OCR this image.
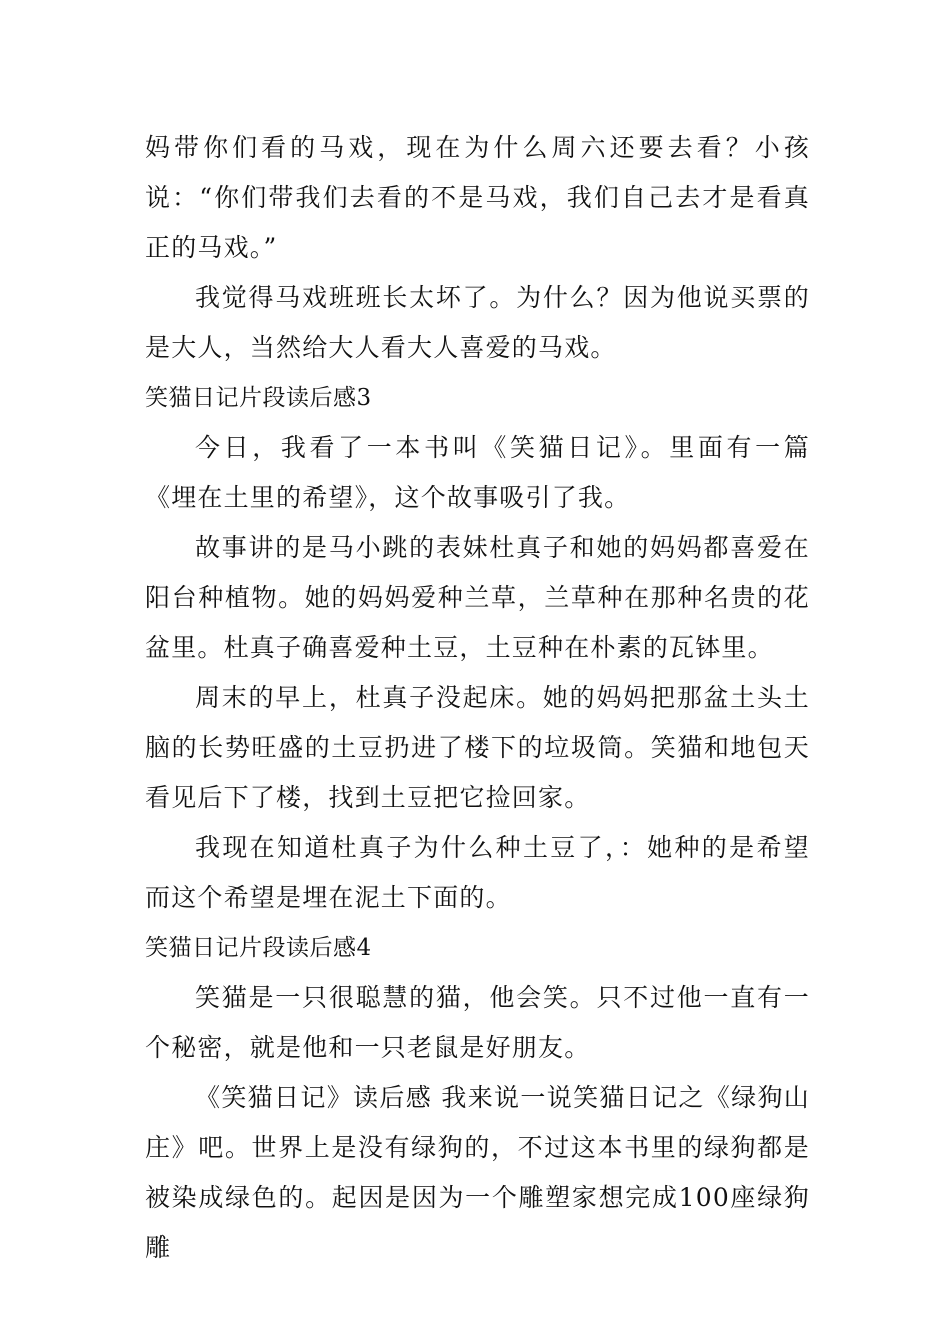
妈带你们看的马戏，现在为什么周六还要去看？小孩说：“你们带我们去看的不是马戏，我们自己去才是看真正的马戏。”

我觉得马戏班班长太坏了。为什么？因为他说买票的是大人，当然给大人看大人喜爱的马戏。

笑猫日记片段读后感3

今日，我看了一本书叫《笑猫日记》。里面有一篇《埋在土里的希望》，这个故事吸引了我。

故事讲的是马小跳的表妹杜真子和她的妈妈都喜爱在阳台种植物。她的妈妈爱种兰草，兰草种在那种名贵的花盆里。杜真子确喜爱种土豆，土豆种在朴素的瓦钵里。

周末的早上，杜真子没起床。她的妈妈把那盆土头土脑的长势旺盛的土豆扔进了楼下的垃圾筒。笑猫和地包天看见后下了楼，找到土豆把它捡回家。

我现在知道杜真子为什么种土豆了，：她种的是希望而这个希望是埋在泥土下面的。

笑猫日记片段读后感4

笑猫是一只很聪慧的猫，他会笑。只不过他一直有一个秘密，就是他和一只老鼠是好朋友。

《笑猫日记》读后感 我来说一说笑猫日记之《绿狗山庄》吧。世界上是没有绿狗的，不过这本书里的绿狗都是被染成绿色的。起因是因为一个雕塑家想完成100座绿狗雕
